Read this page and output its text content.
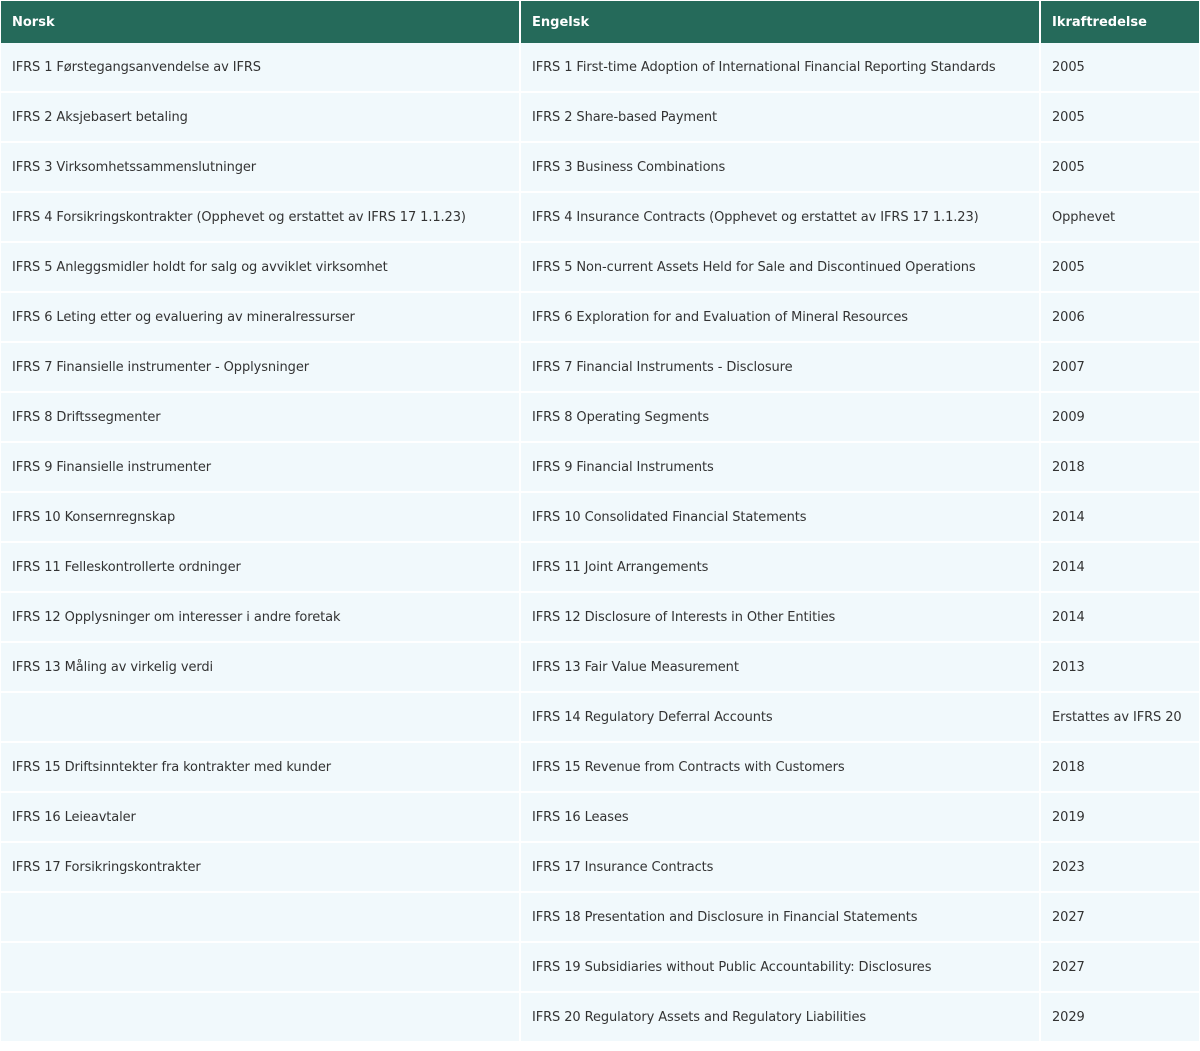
Norsk	Engelsk	Ikraftredelse
IFRS 1 Førstegangsanvendelse av IFRS	IFRS 1 First-time Adoption of International Financial Reporting Standards	2005
IFRS 2 Aksjebasert betaling	IFRS 2 Share-based Payment	2005
IFRS 3 Virksomhetssammenslutninger	IFRS 3 Business Combinations	2005
IFRS 4 Forsikringskontrakter (Opphevet og erstattet av IFRS 17 1.1.23)	IFRS 4 Insurance Contracts (Opphevet og erstattet av IFRS 17 1.1.23)	Opphevet
IFRS 5 Anleggsmidler holdt for salg og avviklet virksomhet	IFRS 5 Non-current Assets Held for Sale and Discontinued Operations	2005
IFRS 6 Leting etter og evaluering av mineralressurser	IFRS 6 Exploration for and Evaluation of Mineral Resources	2006
IFRS 7 Finansielle instrumenter - Opplysninger	IFRS 7 Financial Instruments - Disclosure	2007
IFRS 8 Driftssegmenter	IFRS 8 Operating Segments	2009
IFRS 9 Finansielle instrumenter	IFRS 9 Financial Instruments	2018
IFRS 10 Konsernregnskap	IFRS 10 Consolidated Financial Statements	2014
IFRS 11 Felleskontrollerte ordninger	IFRS 11 Joint Arrangements	2014
IFRS 12 Opplysninger om interesser i andre foretak	IFRS 12 Disclosure of Interests in Other Entities	2014
IFRS 13 Måling av virkelig verdi	IFRS 13 Fair Value Measurement	2013
	IFRS 14 Regulatory Deferral Accounts	Erstattes av IFRS 20
IFRS 15 Driftsinntekter fra kontrakter med kunder	IFRS 15 Revenue from Contracts with Customers	2018
IFRS 16 Leieavtaler	IFRS 16 Leases	2019
IFRS 17 Forsikringskontrakter	IFRS 17 Insurance Contracts	2023
	IFRS 18 Presentation and Disclosure in Financial Statements	2027
	IFRS 19 Subsidiaries without Public Accountability: Disclosures	2027
	IFRS 20 Regulatory Assets and Regulatory Liabilities	2029
